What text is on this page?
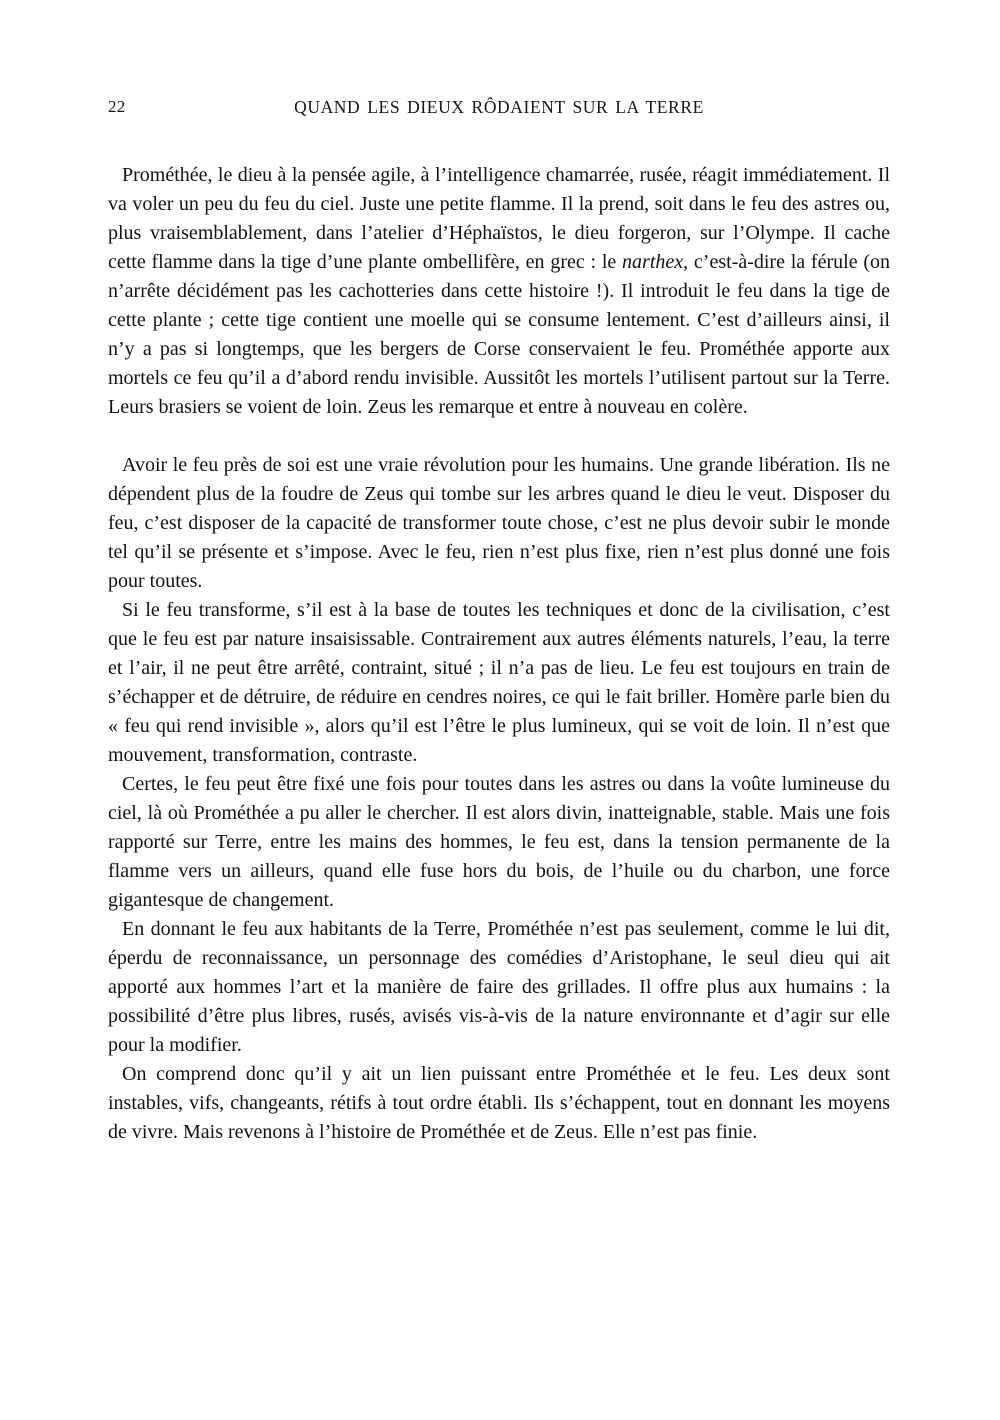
22	QUAND LES DIEUX RÔDAIENT SUR LA TERRE

Prométhée, le dieu à la pensée agile, à l’intelligence chamarrée, rusée, réagit immédiatement. Il va voler un peu du feu du ciel. Juste une petite flamme. Il la prend, soit dans le feu des astres ou, plus vraisemblablement, dans l’atelier d’Héphaïstos, le dieu forgeron, sur l’Olympe. Il cache cette flamme dans la tige d’une plante ombellifère, en grec : le narthex, c’est-à-dire la férule (on n’arrête décidément pas les cachotteries dans cette histoire !). Il introduit le feu dans la tige de cette plante ; cette tige contient une moelle qui se consume lentement. C’est d’ailleurs ainsi, il n’y a pas si longtemps, que les bergers de Corse conservaient le feu. Prométhée apporte aux mortels ce feu qu’il a d’abord rendu invisible. Aussitôt les mortels l’utilisent partout sur la Terre. Leurs brasiers se voient de loin. Zeus les remarque et entre à nouveau en colère.

Avoir le feu près de soi est une vraie révolution pour les humains. Une grande libération. Ils ne dépendent plus de la foudre de Zeus qui tombe sur les arbres quand le dieu le veut. Disposer du feu, c’est disposer de la capacité de transformer toute chose, c’est ne plus devoir subir le monde tel qu’il se présente et s’impose. Avec le feu, rien n’est plus fixe, rien n’est plus donné une fois pour toutes.

Si le feu transforme, s’il est à la base de toutes les techniques et donc de la civilisation, c’est que le feu est par nature insaisissable. Contrairement aux autres éléments naturels, l’eau, la terre et l’air, il ne peut être arrêté, contraint, situé ; il n’a pas de lieu. Le feu est toujours en train de s’échapper et de détruire, de réduire en cendres noires, ce qui le fait briller. Homère parle bien du « feu qui rend invisible », alors qu’il est l’être le plus lumineux, qui se voit de loin. Il n’est que mouvement, transformation, contraste.

Certes, le feu peut être fixé une fois pour toutes dans les astres ou dans la voûte lumineuse du ciel, là où Prométhée a pu aller le chercher. Il est alors divin, inatteignable, stable. Mais une fois rapporté sur Terre, entre les mains des hommes, le feu est, dans la tension permanente de la flamme vers un ailleurs, quand elle fuse hors du bois, de l’huile ou du charbon, une force gigantesque de changement.

En donnant le feu aux habitants de la Terre, Prométhée n’est pas seulement, comme le lui dit, éperdu de reconnaissance, un personnage des comédies d’Aristophane, le seul dieu qui ait apporté aux hommes l’art et la manière de faire des grillades. Il offre plus aux humains : la possibilité d’être plus libres, rusés, avisés vis-à-vis de la nature environnante et d’agir sur elle pour la modifier.

On comprend donc qu’il y ait un lien puissant entre Prométhée et le feu. Les deux sont instables, vifs, changeants, rétifs à tout ordre établi. Ils s’échappent, tout en donnant les moyens de vivre. Mais revenons à l’histoire de Prométhée et de Zeus. Elle n’est pas finie.
